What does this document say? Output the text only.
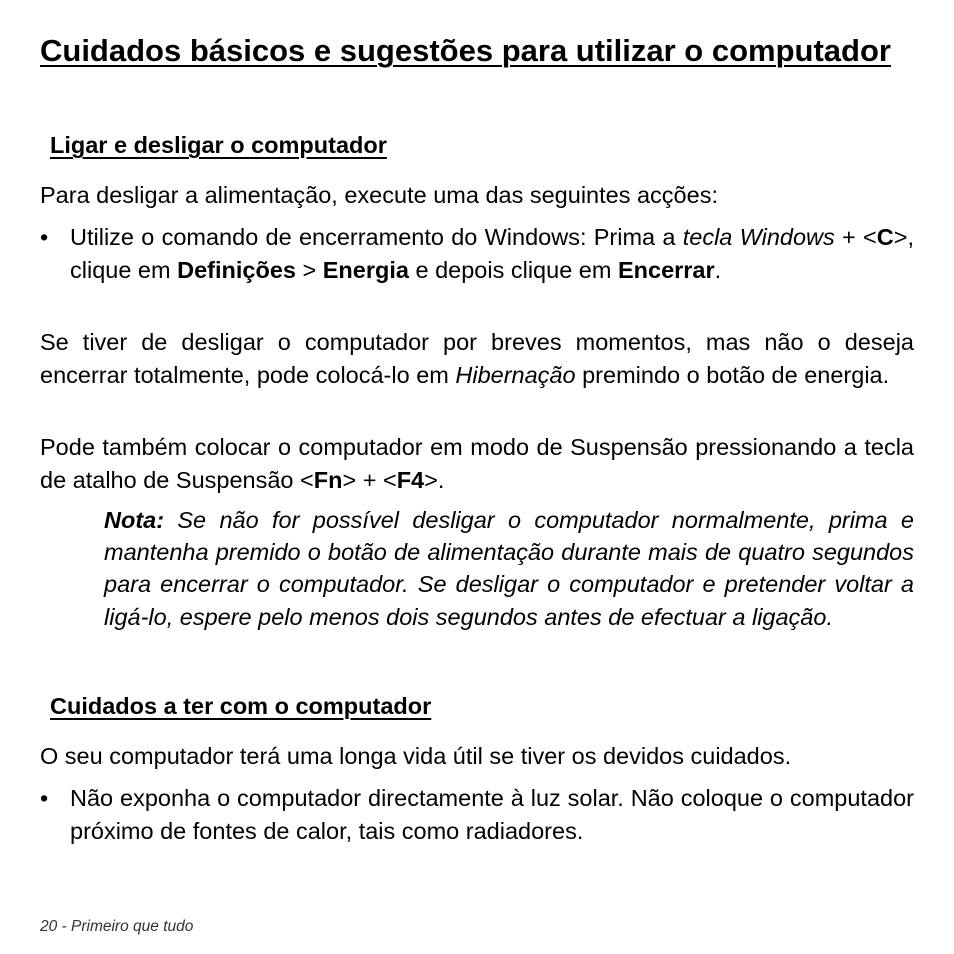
Cuidados básicos e sugestões para utilizar o computador
Ligar e desligar o computador

Para desligar a alimentação, execute uma das seguintes acções:

• Utilize o comando de encerramento do Windows: Prima a tecla Windows + <C>, clique em Definições > Energia e depois clique em Encerrar.

Se tiver de desligar o computador por breves momentos, mas não o deseja encerrar totalmente, pode colocá-lo em Hibernação premindo o botão de energia.

Pode também colocar o computador em modo de Suspensão pressionando a tecla de atalho de Suspensão <Fn> + <F4>.

Nota: Se não for possível desligar o computador normalmente, prima e mantenha premido o botão de alimentação durante mais de quatro segundos para encerrar o computador. Se desligar o computador e pretender voltar a ligá-lo, espere pelo menos dois segundos antes de efectuar a ligação.

Cuidados a ter com o computador

O seu computador terá uma longa vida útil se tiver os devidos cuidados.

• Não exponha o computador directamente à luz solar. Não coloque o computador próximo de fontes de calor, tais como radiadores.
20 - Primeiro que tudo
